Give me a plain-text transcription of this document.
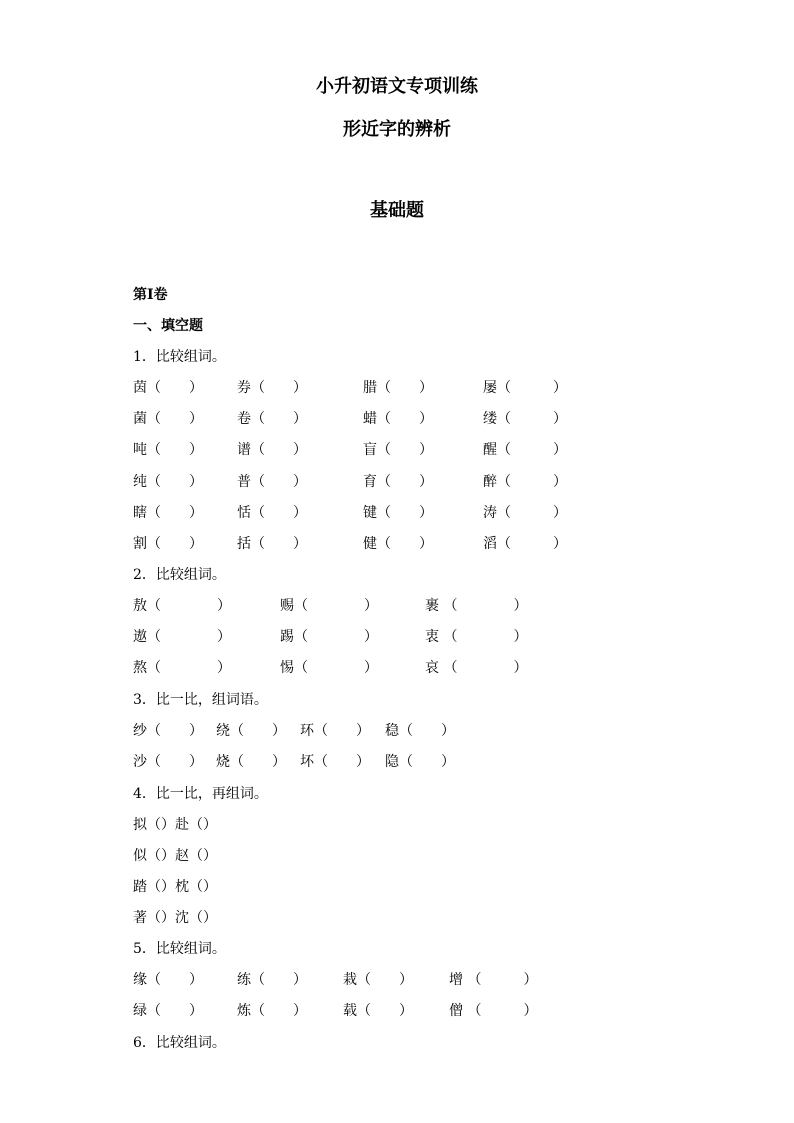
小升初语文专项训练
形近字的辨析
基础题
第I卷
一、填空题
1．比较组词。
茵（　　） 券（　　）	腊（　　）	屡（　　　）
菌（　　） 卷（　　）	蜡（　　）	缕（　　　）
吨（　　） 谱（　　）	盲（　　）	醒（　　　）
纯（　　） 普（　　）	育（　　）	醉（　　　）
瞎（　　） 恬（　　）	键（　　）	涛（　　　）
割（　　） 括（　　）	健（　　）	滔（　　　）
2．比较组词。
敖（　　　　）	赐（　　　　）	裹 （　　　　）
遨（　　　　）	踢（　　　　）	衷 （　　　　）
熬（　　　　）	惕（　　　　）	哀 （　　　　）
3．比一比，组词语。
纱（　　） 绕（　　） 环（　　） 稳（　　）
沙（　　） 烧（　　） 坏（　　） 隐（　　）
4．比一比，再组词。
拟（）赴（）
似（）赵（）
踏（）枕（）
著（）沈（）
5．比较组词。
缘（　　） 练（　　）	栽（　　）	增 （　　　）
绿（　　） 炼（　　）	载（　　）	僧 （　　　）
6．比较组词。
